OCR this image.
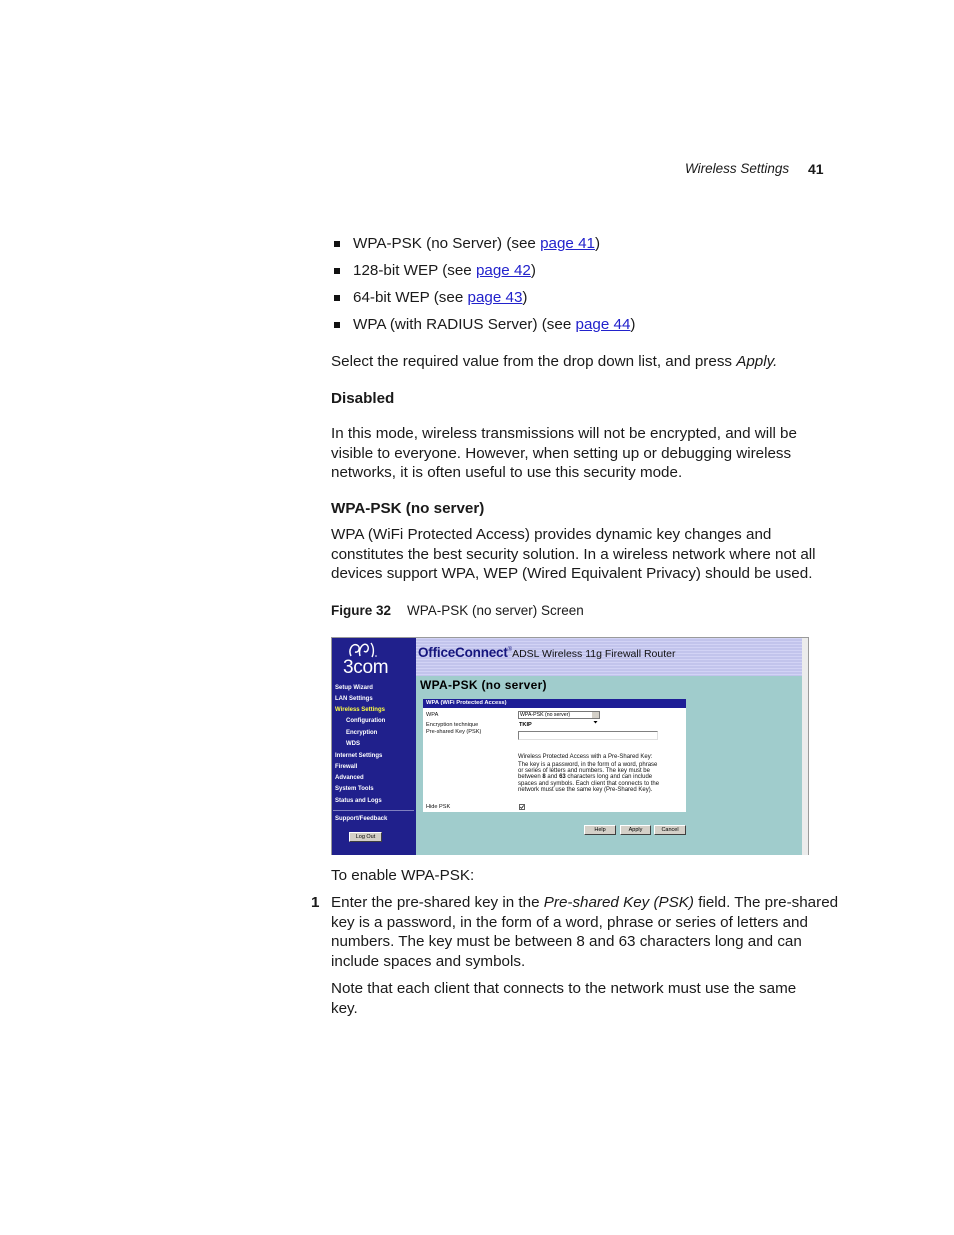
Wireless Settings 41
WPA-PSK (no Server) (see page 41)
128-bit WEP (see page 42)
64-bit WEP (see page 43)
WPA (with RADIUS Server) (see page 44)
Select the required value from the drop down list, and press Apply.
Disabled
In this mode, wireless transmissions will not be encrypted, and will be
visible to everyone. However, when setting up or debugging wireless
networks, it is often useful to use this security mode.
WPA-PSK (no server)
WPA (WiFi Protected Access) provides dynamic key changes and
constitutes the best security solution. In a wireless network where not all
devices support WPA, WEP (Wired Equivalent Privacy) should be used.
Figure 32 WPA-PSK (no server) Screen
3com
Setup Wizard
LAN Settings
Wireless Settings
Configuration
Encryption
WDS
Internet Settings
Firewall
Advanced
System Tools
Status and Logs
Support/Feedback
Log Out
OfficeConnect ® ADSL Wireless 11g Firewall Router
WPA-PSK (no server)
WPA (WiFi Protected Access)
WPA	WPA-PSK (no server)
Encryption technique	TKIP
Pre-shared Key (PSK)
Wireless Protected Access with a Pre-Shared Key:
The key is a password, in the form of a word, phrase
or series of letters and numbers. The key must be
between 8 and 63 characters long and can include
spaces and symbols. Each client that connects to the
network must use the same key (Pre-Shared Key).
Hide PSK
Help	Apply	Cancel
To enable WPA-PSK:
1 Enter the pre-shared key in the Pre-shared Key (PSK) field. The pre-shared
key is a password, in the form of a word, phrase or series of letters and
numbers. The key must be between 8 and 63 characters long and can
include spaces and symbols.
Note that each client that connects to the network must use the same
key.
